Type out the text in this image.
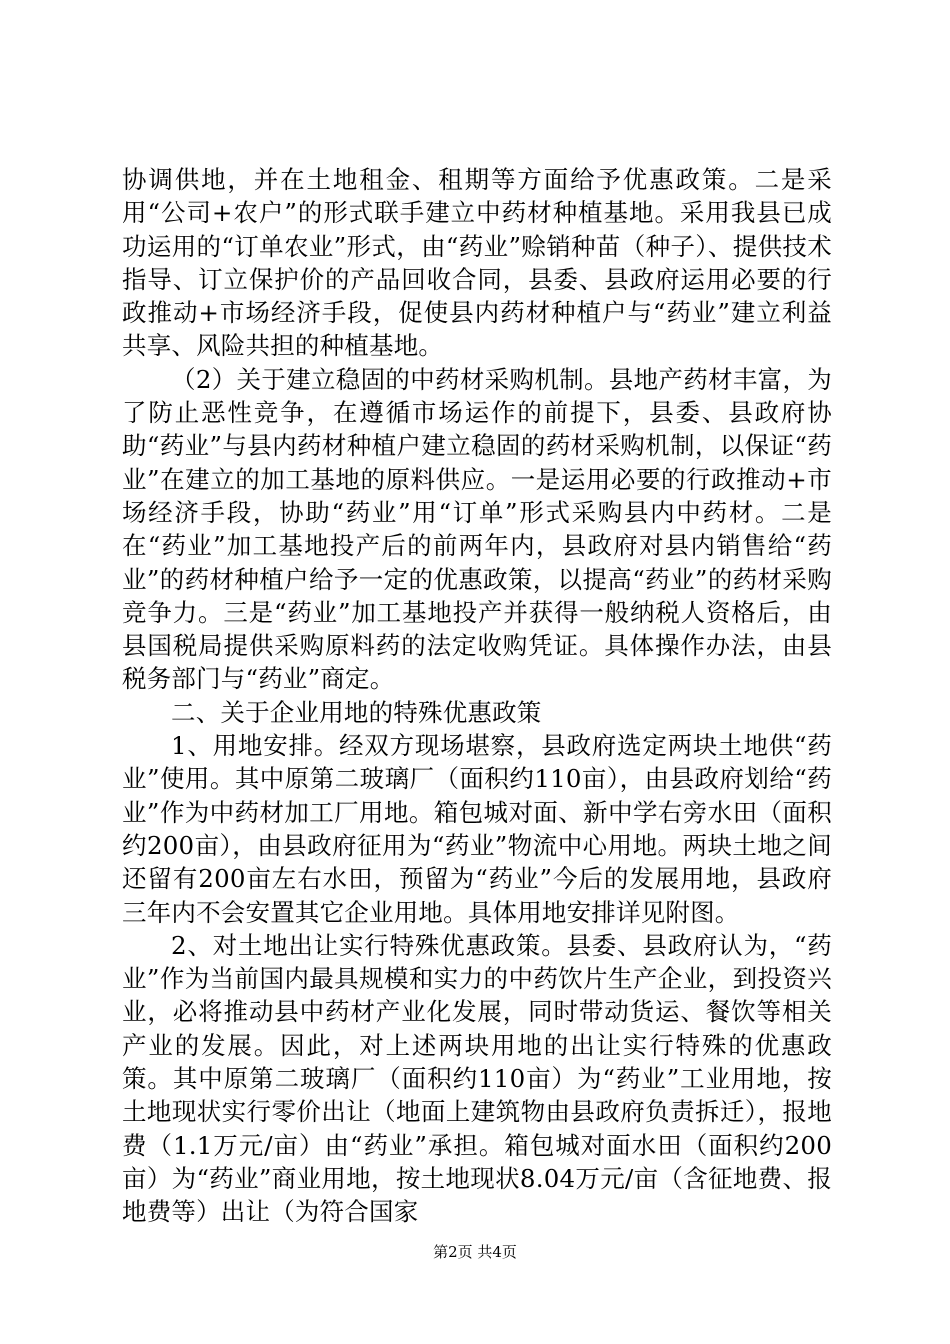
协调供地，并在土地租金、租期等方面给予优惠政策。二是采用“公司+农户”的形式联手建立中药材种植基地。采用我县已成功运用的“订单农业”形式，由“药业”赊销种苗（种子）、提供技术指导、订立保护价的产品回收合同，县委、县政府运用必要的行政推动+市场经济手段，促使县内药材种植户与“药业”建立利益共享、风险共担的种植基地。

（2）关于建立稳固的中药材采购机制。县地产药材丰富，为了防止恶性竞争，在遵循市场运作的前提下，县委、县政府协助“药业”与县内药材种植户建立稳固的药材采购机制，以保证“药业”在建立的加工基地的原料供应。一是运用必要的行政推动+市场经济手段，协助“药业”用“订单”形式采购县内中药材。二是在“药业”加工基地投产后的前两年内，县政府对县内销售给“药业”的药材种植户给予一定的优惠政策，以提高“药业”的药材采购竞争力。三是“药业”加工基地投产并获得一般纳税人资格后，由县国税局提供采购原料药的法定收购凭证。具体操作办法，由县税务部门与“药业”商定。

二、关于企业用地的特殊优惠政策

1、用地安排。经双方现场堪察，县政府选定两块土地供“药业”使用。其中原第二玻璃厂（面积约110亩），由县政府划给“药业”作为中药材加工厂用地。箱包城对面、新中学右旁水田（面积约200亩），由县政府征用为“药业”物流中心用地。两块土地之间还留有200亩左右水田，预留为“药业”今后的发展用地，县政府三年内不会安置其它企业用地。具体用地安排详见附图。

2、对土地出让实行特殊优惠政策。县委、县政府认为，“药业”作为当前国内最具规模和实力的中药饮片生产企业，到投资兴业，必将推动县中药材产业化发展，同时带动货运、餐饮等相关产业的发展。因此，对上述两块用地的出让实行特殊的优惠政策。其中原第二玻璃厂（面积约110亩）为“药业”工业用地，按土地现状实行零价出让（地面上建筑物由县政府负责拆迁），报地费（1.1万元/亩）由“药业”承担。箱包城对面水田（面积约200亩）为“药业”商业用地，按土地现状8.04万元/亩（含征地费、报地费等）出让（为符合国家

第2页 共4页
